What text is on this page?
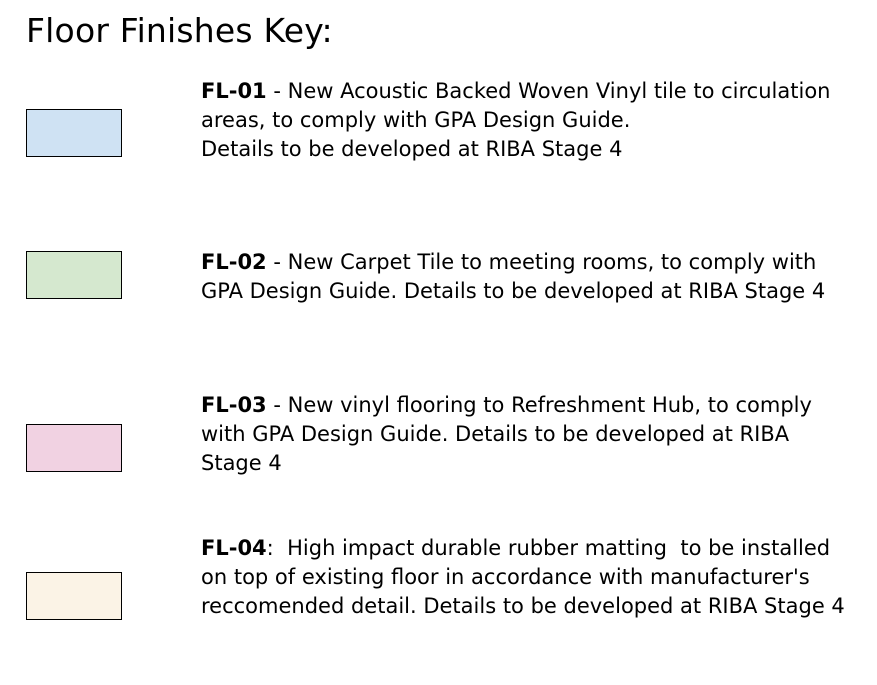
Floor Finishes Key:
FL-01 - New Acoustic Backed Woven Vinyl tile to circulation
areas, to comply with GPA Design Guide.
Details to be developed at RIBA Stage 4
FL-02 - New Carpet Tile to meeting rooms, to comply with
GPA Design Guide. Details to be developed at RIBA Stage 4
FL-03 - New vinyl flooring to Refreshment Hub, to comply
with GPA Design Guide. Details to be developed at RIBA
Stage 4
FL-04:  High impact durable rubber matting  to be installed
on top of existing floor in accordance with manufacturer's
reccomended detail. Details to be developed at RIBA Stage 4
